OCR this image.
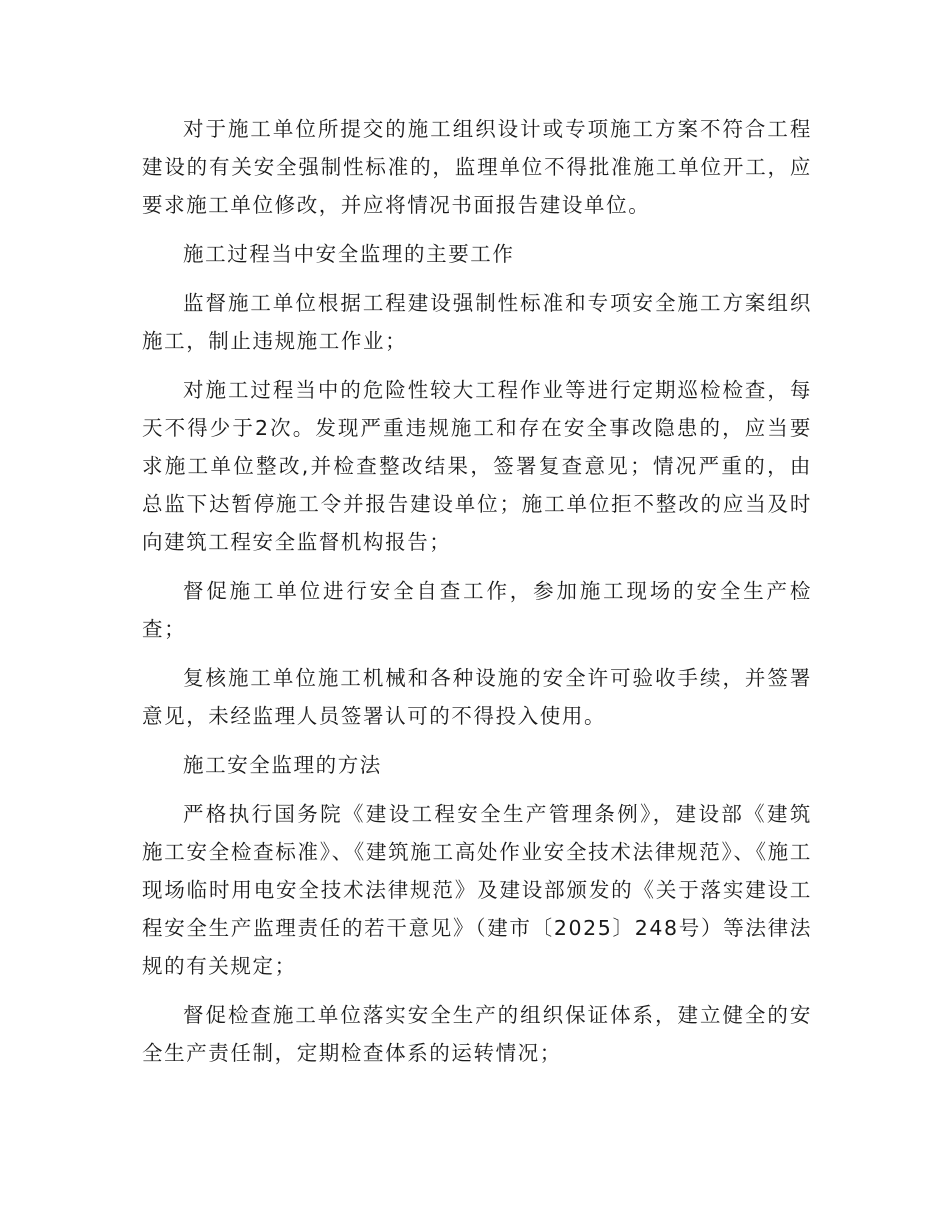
对于施工单位所提交的施工组织设计或专项施工方案不符合工程建设的有关安全强制性标准的，监理单位不得批准施工单位开工，应要求施工单位修改，并应将情况书面报告建设单位。

施工过程当中安全监理的主要工作

监督施工单位根据工程建设强制性标准和专项安全施工方案组织施工，制止违规施工作业；

对施工过程当中的危险性较大工程作业等进行定期巡检检查，每天不得少于2次。发现严重违规施工和存在安全事改隐患的，应当要求施工单位整改,并检查整改结果，签署复查意见；情况严重的，由总监下达暂停施工令并报告建设单位；施工单位拒不整改的应当及时向建筑工程安全监督机构报告；

督促施工单位进行安全自查工作，参加施工现场的安全生产检查；

复核施工单位施工机械和各种设施的安全许可验收手续，并签署意见，未经监理人员签署认可的不得投入使用。

施工安全监理的方法

严格执行国务院《建设工程安全生产管理条例》，建设部《建筑施工安全检查标准》、《建筑施工高处作业安全技术法律规范》、《施工现场临时用电安全技术法律规范》及建设部颁发的《关于落实建设工程安全生产监理责任的若干意见》（建市〔2025〕248号）等法律法规的有关规定；

督促检查施工单位落实安全生产的组织保证体系，建立健全的安全生产责任制，定期检查体系的运转情况；
